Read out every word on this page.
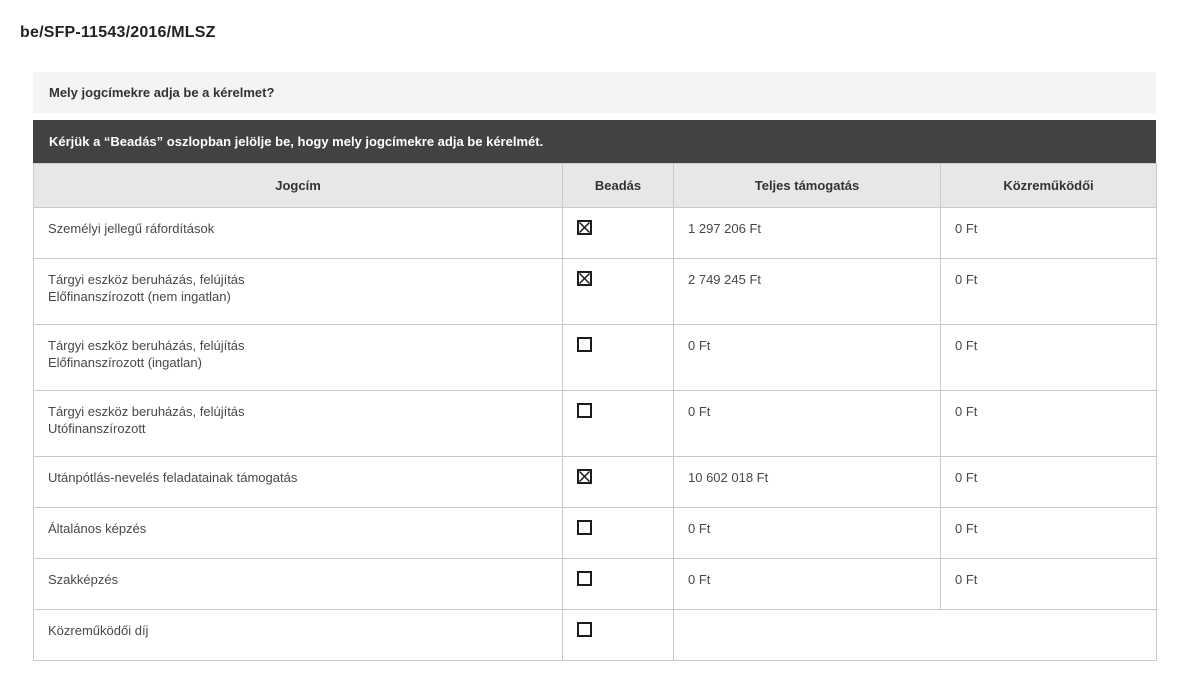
be/SFP-11543/2016/MLSZ
Mely jogcímekre adja be a kérelmet?
Kérjük a “Beadás” oszlopban jelölje be, hogy mely jogcímekre adja be kérelmét.
Jogcím	Beadás	Teljes támogatás	Közreműködői

Személyi jellegű ráfordítások		1 297 206 Ft	0 Ft

Tárgyi eszköz beruházás, felújítás
Előfinanszírozott (nem ingatlan)		2 749 245 Ft	0 Ft

Tárgyi eszköz beruházás, felújítás
Előfinanszírozott (ingatlan)		0 Ft	0 Ft

Tárgyi eszköz beruházás, felújítás
Utófinanszírozott		0 Ft	0 Ft

Utánpótlás-nevelés feladatainak támogatás		10 602 018 Ft	0 Ft

Általános képzés		0 Ft	0 Ft

Szakképzés		0 Ft	0 Ft

Közreműködői díj			
